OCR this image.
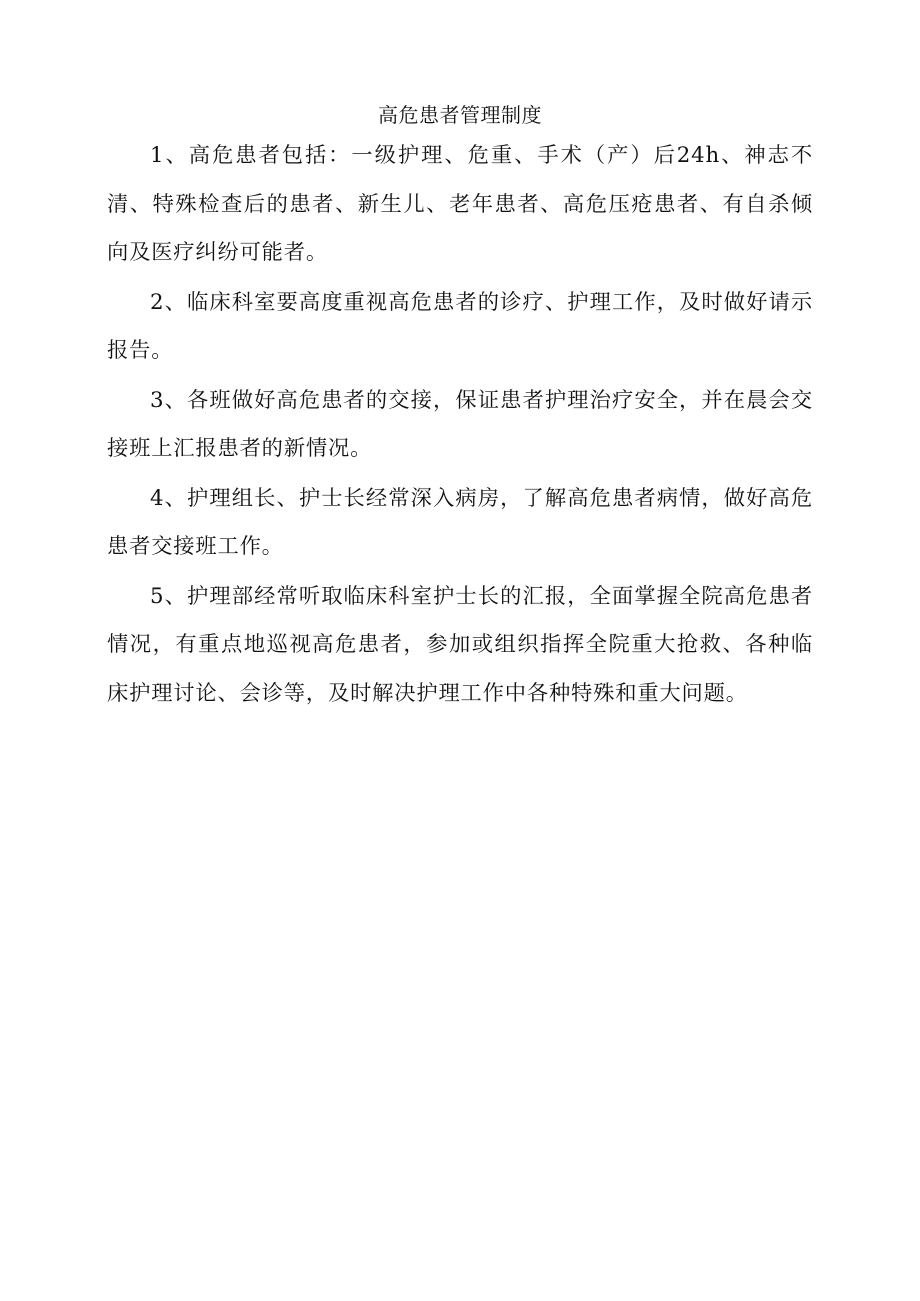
高危患者管理制度

1、高危患者包括：一级护理、危重、手术（产）后24h、神志不清、特殊检查后的患者、新生儿、老年患者、高危压疮患者、有自杀倾向及医疗纠纷可能者。

2、临床科室要高度重视高危患者的诊疗、护理工作，及时做好请示报告。

3、各班做好高危患者的交接，保证患者护理治疗安全，并在晨会交接班上汇报患者的新情况。

4、护理组长、护士长经常深入病房，了解高危患者病情，做好高危患者交接班工作。

5、护理部经常听取临床科室护士长的汇报，全面掌握全院高危患者情况，有重点地巡视高危患者，参加或组织指挥全院重大抢救、各种临床护理讨论、会诊等，及时解决护理工作中各种特殊和重大问题。
